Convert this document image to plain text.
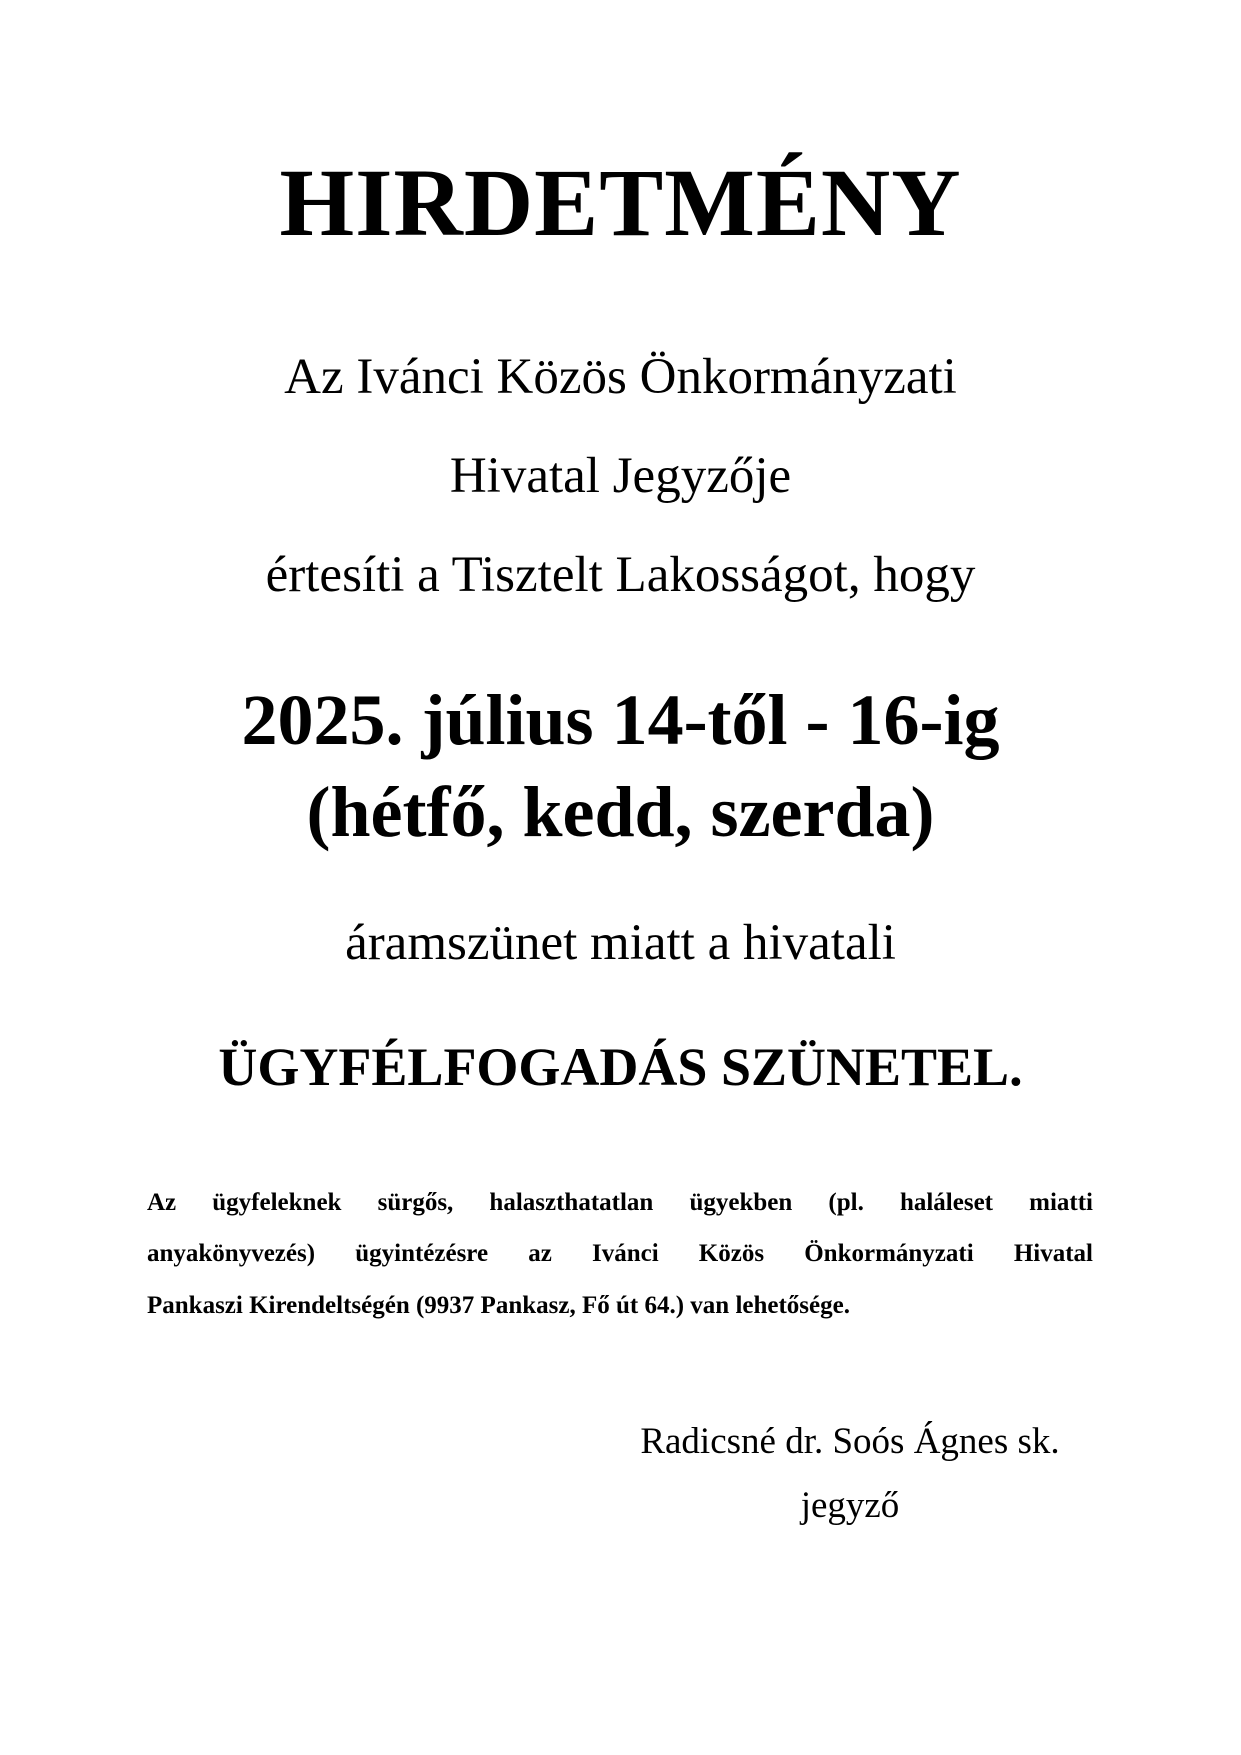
HIRDETMÉNY
Az Iváncі Közös Önkormányzati
Hivatal Jegyzője
értesíti a Tisztelt Lakosságot, hogy
2025. július 14-től - 16-ig
(hétfő, kedd, szerda)
áramszünet miatt a hivatali
ÜGYFÉLFOGADÁS SZÜNETEL.
Az ügyfeleknek sürgős, halaszthatatlan ügyekben (pl. haláleset miatti
anyakönyvezés) ügyintézésre az Iváncі Közös Önkormányzati Hivatal
Pankaszi Kirendeltségén (9937 Pankasz, Fő út 64.) van lehetősége.
Radicsné dr. Soós Ágnes sk.
jegyző
